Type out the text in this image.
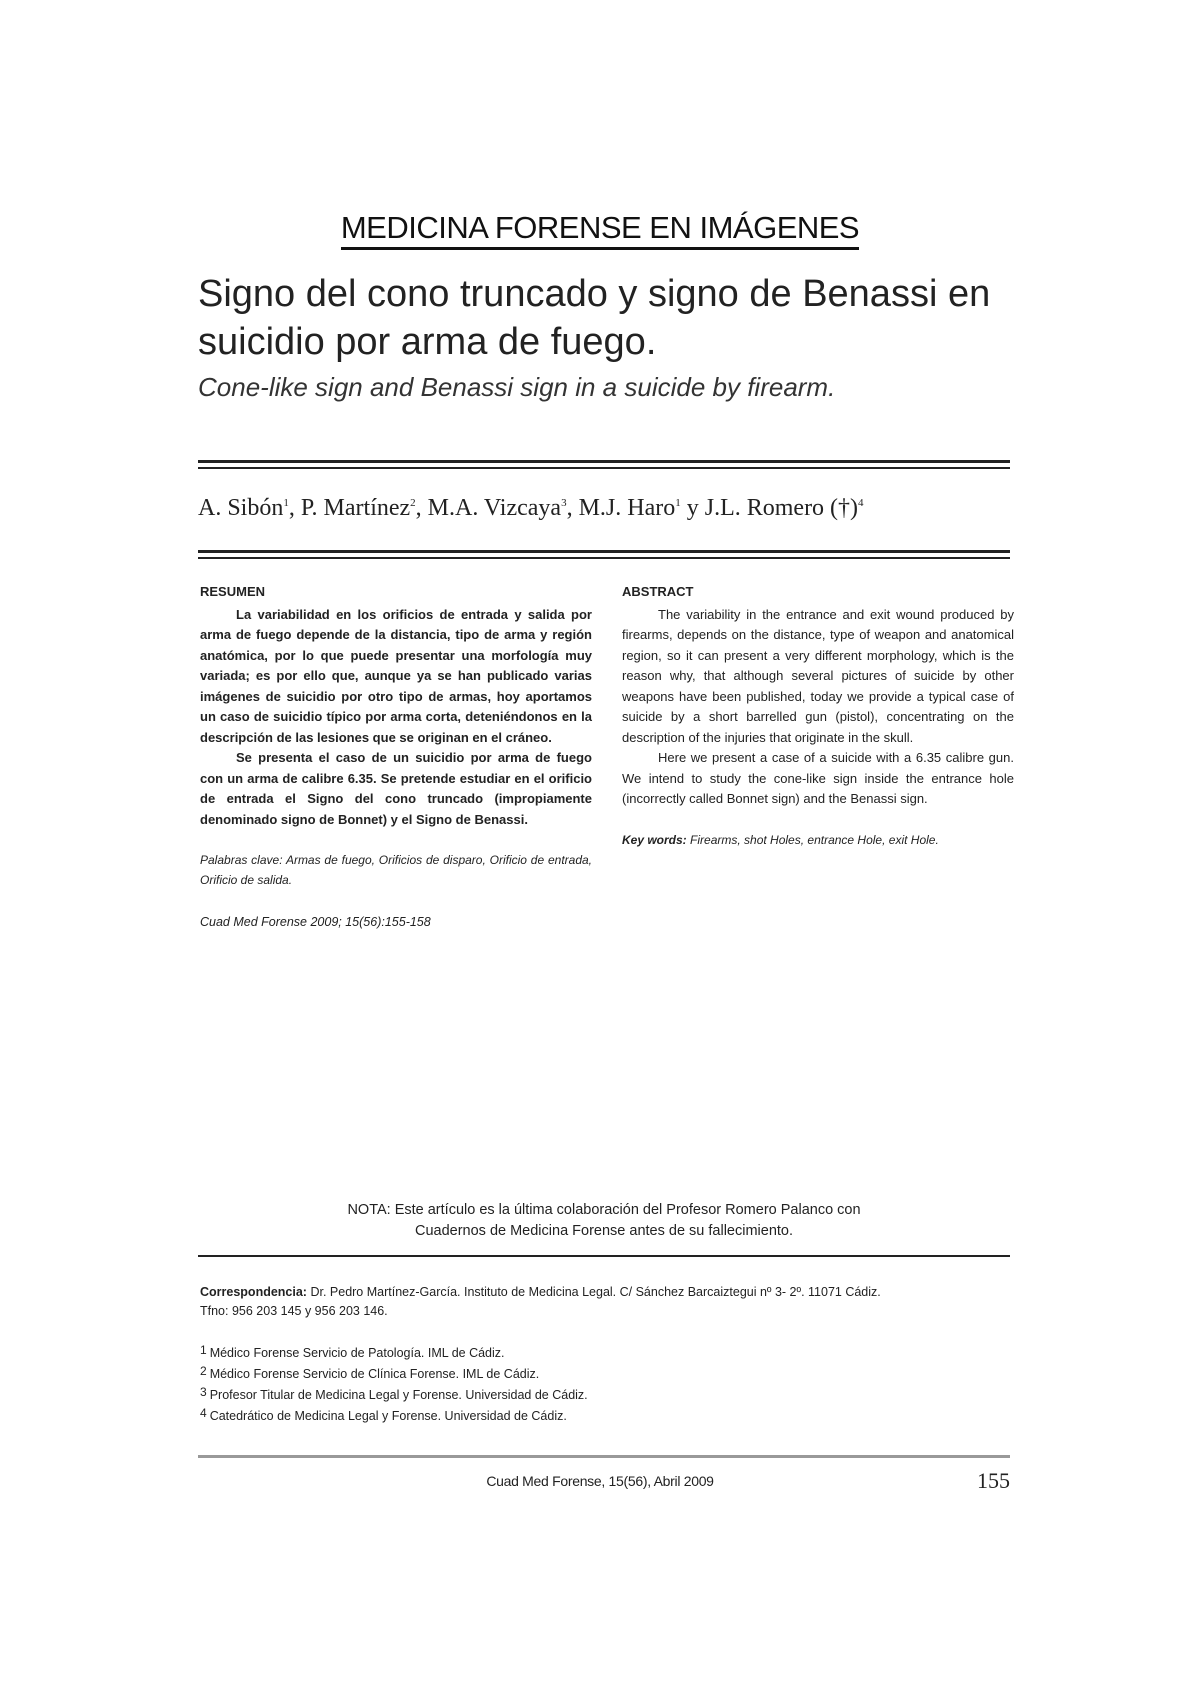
MEDICINA FORENSE EN IMÁGENES
Signo del cono truncado y signo de Benassi en suicidio por arma de fuego.
Cone-like sign and Benassi sign in a suicide by firearm.
A. Sibón$^1$, P. Martínez$^2$, M.A. Vizcaya$^3$, M.J. Haro$^1$ y J.L. Romero (†)$^4$
RESUMEN

La variabilidad en los orificios de entrada y salida por arma de fuego depende de la distancia, tipo de arma y región anatómica, por lo que puede presentar una morfología muy variada; es por ello que, aunque ya se han publicado varias imágenes de suicidio por otro tipo de armas, hoy aportamos un caso de suicidio típico por arma corta, deteniéndonos en la descripción de las lesiones que se originan en el cráneo.

Se presenta el caso de un suicidio por arma de fuego con un arma de calibre 6.35. Se pretende estudiar en el orificio de entrada el Signo del cono truncado (impropiamente denominado signo de Bonnet) y el Signo de Benassi.

Palabras clave: Armas de fuego, Orificios de disparo, Orificio de entrada, Orificio de salida.

Cuad Med Forense 2009; 15(56):155-158

ABSTRACT

The variability in the entrance and exit wound produced by firearms, depends on the distance, type of weapon and anatomical region, so it can present a very different morphology, which is the reason why, that although several pictures of suicide by other weapons have been published, today we provide a typical case of suicide by a short barrelled gun (pistol), concentrating on the description of the injuries that originate in the skull.

Here we present a case of a suicide with a 6.35 calibre gun. We intend to study the cone-like sign inside the entrance hole (incorrectly called Bonnet sign) and the Benassi sign.

Key words: Firearms, shot Holes, entrance Hole, exit Hole.

NOTA: Este artículo es la última colaboración del Profesor Romero Palanco con
Cuadernos de Medicina Forense antes de su fallecimiento.
Correspondencia: Dr. Pedro Martínez-García. Instituto de Medicina Legal. C/ Sánchez Barcaiztegui nº 3- 2º. 11071 Cádiz.
Tfno: 956 203 145 y 956 203 146.
$^1$ Médico Forense Servicio de Patología. IML de Cádiz.
$^2$ Médico Forense Servicio de Clínica Forense. IML de Cádiz.
$^3$ Profesor Titular de Medicina Legal y Forense. Universidad de Cádiz.
$^4$ Catedrático de Medicina Legal y Forense. Universidad de Cádiz.
Cuad Med Forense, 15(56), Abril 2009	155
